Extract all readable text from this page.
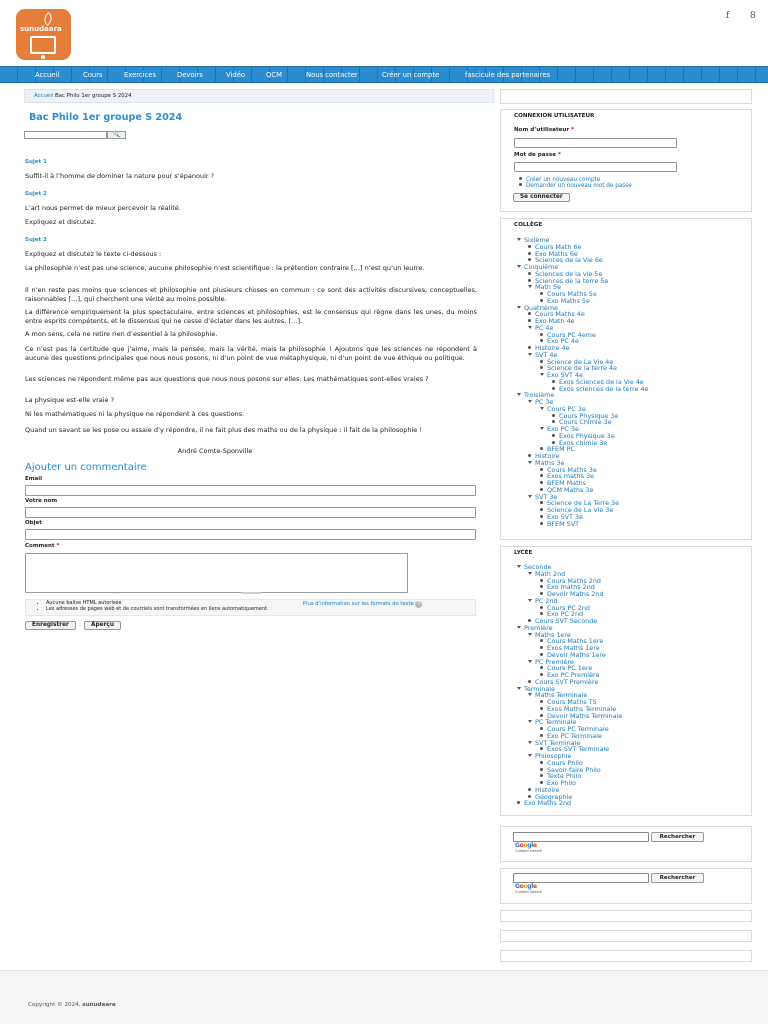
sunudaara
f 8
Accueil	Cours	Exercices	Devoirs	Vidéo	QCM	Nous contacter	Créer un compte	fascicule des partenaires
Accueil Bac Philo 1er groupe S 2024
Bac Philo 1er groupe S 2024
🔍
Sujet 1
Suffit-il à l’homme de dominer la nature pour s’épanouir ?
Sujet 2
L’art nous permet de mieux percevoir la réalité.
Expliquez et discutez.
Sujet 3
Expliquez et discutez le texte ci-dessous :
La philosophie n’est pas une science, aucune philosophie n’est scientifique : la prétention contraire […] n’est qu’un leurre.
Il n’en reste pas moins que sciences et philosophie ont plusieurs choses en commun : ce sont des activités discursives, conceptuelles, raisonnables […], qui cherchent une vérité au moins possible.
La différence empiriquement la plus spectaculaire, entre sciences et philosophies, est le consensus qui règne dans les unes, du moins entre esprits compétents, et le dissensus qui ne cesse d’éclater dans les autres. […].
A mon sens, cela ne retire rien d’essentiel à la philosophie.
Ce n’est pas la certitude que j’aime, mais la pensée, mais la vérité, mais la philosophie ! Ajoutons que les sciences ne répondent à aucune des questions principales que nous nous posons, ni d’un point de vue métaphysique, ni d’un point de vue éthique ou politique.
Les sciences ne répondent même pas aux questions que nous nous posons sur elles. Les mathématiques sont-elles vraies ?
La physique est-elle vraie ?
Ni les mathématiques ni la physique ne répondent à ces questions.
Quand un savant se les pose ou essaie d’y répondre, il ne fait plus des maths ou de la physique : il fait de la philosophie !
André Comte-Sponville
Ajouter un commentaire
Email
Votre nom
Objet
Comment *
• Aucune balise HTML autorisée
• Les adresses de pages web et de courriels sont transformées en liens automatiquement.
Plus d’information sur les formats de texte ?
Enregistrer	Aperçu
CONNEXION UTILISATEUR
Nom d’utilisateur *
Mot de passe *
Créer un nouveau compte
Demander un nouveau mot de passe
Se connecter
COLLÈGE
Sixième
Cours Math 6e
Exo Maths 6e
Sciences de la Vie 6e
Cinquième
Sciences de la vie 5e
Sciences de la terre 5e
Math 5e
Cours Maths 5e
Exo Maths 5e
Quatrième
Cours Maths 4e
Exo Math 4e
PC 4e
Cours PC 4eme
Exo PC 4e
Histoire 4e
SVT 4e
Science de La Vie 4e
Science de la terre 4e
Exo SVT 4e
Exos Sciences de la Vie 4e
Exos sciences de la terre 4e
Troisième
PC 3e
Cours PC 3e
Cours Physique 3e
Cours Chimie 3e
Exo PC 3e
Exos Physique 3e
Exos chimie 3e
BFEM PC
Histoire
Maths 3e
Cours Maths 3e
Exos maths 3e
BFEM Maths
QCM Maths 3e
SVT 3e
Science de La Terre 3e
Science de La Vie 3e
Exo SVT 3e
BFEM SVT
LYCÉE
Seconde
Math 2nd
Cours Maths 2nd
Exo maths 2nd
Devoir Maths 2nd
PC 2nd
Cours PC 2nd
Exo PC 2nd
Cours SVT Seconde
Première
Maths 1ere
Cours Maths 1ere
Exos Maths 1ere
Devoir Maths 1ere
PC Première
Cours PC 1ere
Exo PC Première
Cours SVT Première
Terminale
Maths Terminale
Cours Maths TS
Exos Maths Terminale
Devoir Maths Terminale
PC Terminale
Cours PC Terminale
Exo PC Terminale
SVT Terminale
Exos SVT Terminale
Philosophie
Cours Philo
Savoir-faire Philo
Texte Philo
Exo Philo
Histoire
Géographie
Exo Maths 2nd
Rechercher
Google
Custom Search
Rechercher
Google
Custom Search
Copyright © 2024, sunudaara
